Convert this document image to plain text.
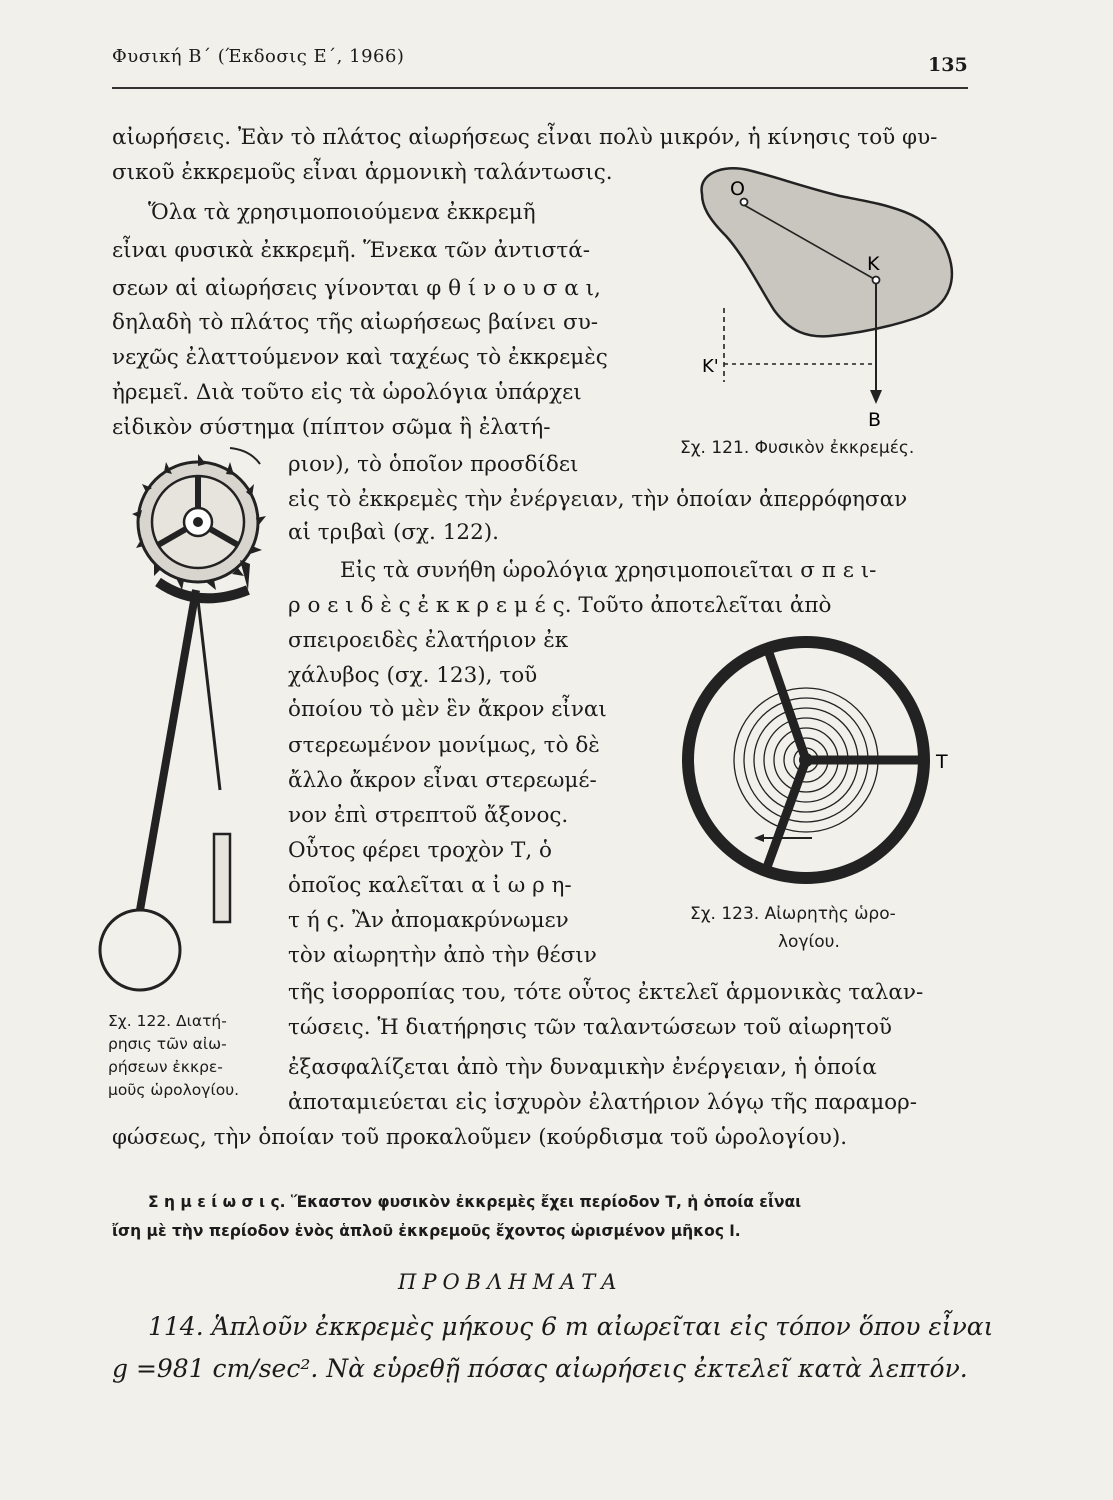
Φυσική Β΄ (Έκδοσις Ε΄, 1966)	135
αἰωρήσεις. Ἐὰν τὸ πλάτος αἰωρήσεως εἶναι πολὺ μικρόν, ἡ κίνησις τοῦ φυ-
σικοῦ ἐκκρεμοῦς εἶναι ἁρμονικὴ ταλάντωσις.
Ὅλα τὰ χρησιμοποιούμενα ἐκκρεμῆ
εἶναι φυσικὰ ἐκκρεμῆ. Ἕνεκα τῶν ἀντιστά-
σεων αἱ αἰωρήσεις γίνονται φ θ ί ν ο υ σ α ι,
δηλαδὴ τὸ πλάτος τῆς αἰωρήσεως βαίνει συ-
νεχῶς ἐλαττούμενον καὶ ταχέως τὸ ἐκκρεμὲς
ἠρεμεῖ. Διὰ τοῦτο εἰς τὰ ὡρολόγια ὑπάρχει
εἰδικὸν σύστημα (πίπτον σῶμα ἢ ἐλατή-
ριον), τὸ ὁποῖον προσδίδει
εἰς τὸ ἐκκρεμὲς τὴν ἐνέργειαν, τὴν ὁποίαν ἀπερρόφησαν
αἱ τριβαὶ (σχ. 122).
Εἰς τὰ συνήθη ὡρολόγια χρησιμοποιεῖται σ π ε ι-
ρ ο ε ι δ ὲ ς ἐ κ κ ρ ε μ έ ς. Τοῦτο ἀποτελεῖται ἀπὸ
σπειροειδὲς ἐλατήριον ἐκ
χάλυβος (σχ. 123), τοῦ
ὁποίου τὸ μὲν ἓν ἄκρον εἶναι
στερεωμένον μονίμως, τὸ δὲ
ἄλλο ἄκρον εἶναι στερεωμέ-
νον ἐπὶ στρεπτοῦ ἄξονος.
Οὗτος φέρει τροχὸν Τ, ὁ
ὁποῖος καλεῖται α ἰ ω ρ η-
τ ή ς. Ἂν ἀπομακρύνωμεν
τὸν αἰωρητὴν ἀπὸ τὴν θέσιν
τῆς ἰσορροπίας του, τότε οὗτος ἐκτελεῖ ἁρμονικὰς ταλαν-
τώσεις. Ἡ διατήρησις τῶν ταλαντώσεων τοῦ αἰωρητοῦ
ἐξασφαλίζεται ἀπὸ τὴν δυναμικὴν ἐνέργειαν, ἡ ὁποία
ἀποταμιεύεται εἰς ἰσχυρὸν ἐλατήριον λόγῳ τῆς παραμορ-
φώσεως, τὴν ὁποίαν τοῦ προκαλοῦμεν (κούρδισμα τοῦ ὡρολογίου).
O
K
B
K'
Σχ. 121. Φυσικὸν ἐκκρεμές.
Σχ. 122. Διατή-
ρησις τῶν αἰω-
ρήσεων ἐκκρε-
μοῦς ὡρολογίου.
T
Σχ. 123. Αἰωρητὴς ὡρο-
λογίου.
Σ η μ ε ί ω σ ι ς. Ἕκαστον φυσικὸν ἐκκρεμὲς ἔχει περίοδον Τ, ἡ ὁποία εἶναι
ἴση μὲ τὴν περίοδον ἑνὸς ἁπλοῦ ἐκκρεμοῦς ἔχοντος ὡρισμένον μῆκος l.
ΠΡΟΒΛΗΜΑΤΑ
114. Ἁπλοῦν ἐκκρεμὲς μήκους 6 m αἰωρεῖται εἰς τόπον ὅπου εἶναι
g =981 cm/sec². Νὰ εὑρεθῇ πόσας αἰωρήσεις ἐκτελεῖ κατὰ λεπτόν.
